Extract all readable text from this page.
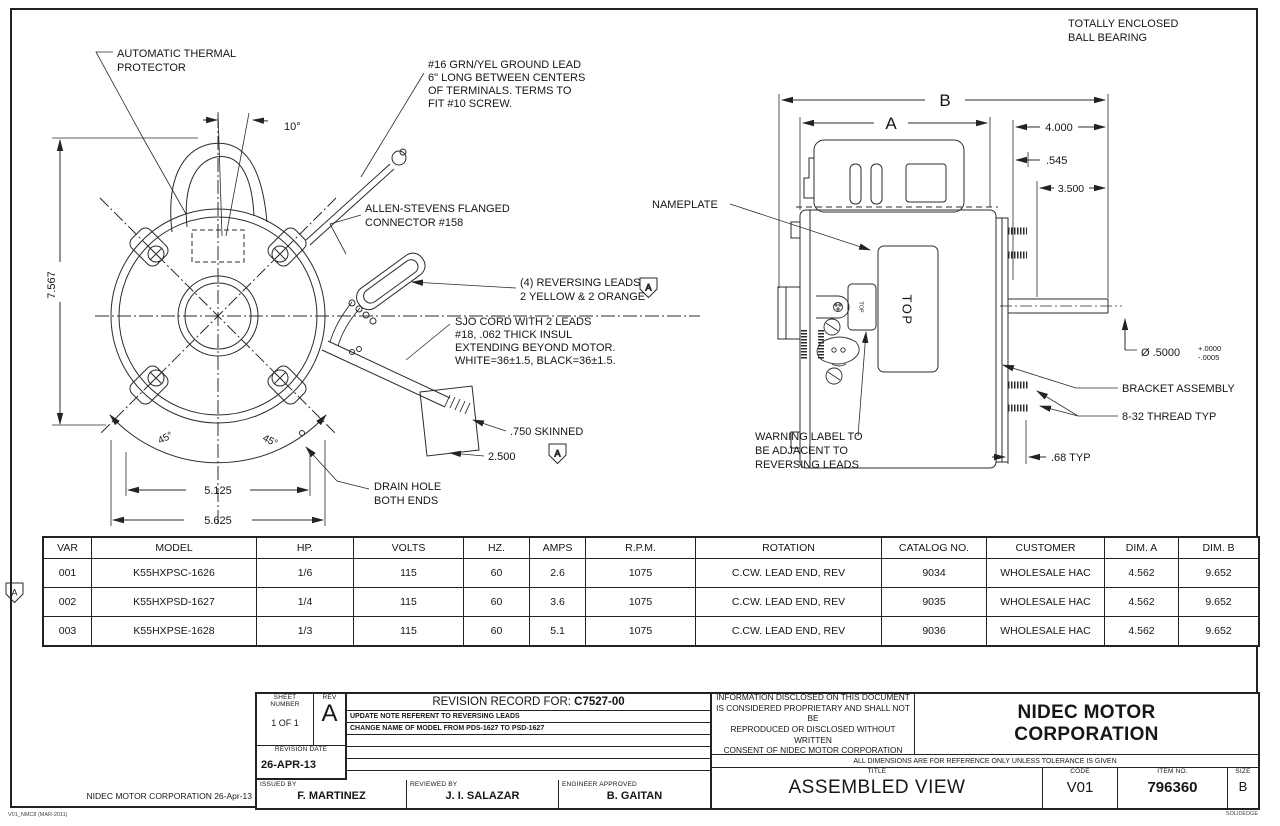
A
AUTOMATIC THERMAL
PROTECTOR
10°
#16 GRN/YEL GROUND LEAD
6" LONG BETWEEN CENTERS
OF TERMINALS. TERMS TO
FIT #10 SCREW.
ALLEN-STEVENS FLANGED
CONNECTOR #158
(4) REVERSING LEADS
2 YELLOW & 2 ORANGE
SJO CORD WITH 2 LEADS
#18, .062 THICK INSUL
EXTENDING BEYOND MOTOR.
WHITE=36±1.5, BLACK=36±1.5.
.750 SKINNED
2.500
DRAIN HOLE
BOTH ENDS
7.567
45°	45°
5.125
5.625
TOTALLY ENCLOSED
BALL BEARING
B
A	4.000
.545
3.500
NAMEPLATE
TOP
TOP
Ø .5000 +.0000
-.0005
BRACKET ASSEMBLY
8-32 THREAD TYP
.68 TYP
WARNING LABEL TO
BE ADJACENT TO
REVERSING LEADS
A
VAR	MODEL	HP.	VOLTS	HZ.	AMPS	R.P.M.	ROTATION	CATALOG NO.	CUSTOMER	DIM. A	DIM. B
001	K55HXPSC-1626	1/6	115	60	2.6	1075	C.CW. LEAD END, REV	9034	WHOLESALE HAC	4.562	9.652
002	K55HXPSD-1627	1/4	115	60	3.6	1075	C.CW. LEAD END, REV	9035	WHOLESALE HAC	4.562	9.652
003	K55HXPSE-1628	1/3	115	60	5.1	1075	C.CW. LEAD END, REV	9036	WHOLESALE HAC	4.562	9.652
SHEET
NUMBER
1 OF 1
REV
A	REVISION RECORD FOR: C7527-00
UPDATE NOTE REFERENT TO REVERSING LEADS
CHANGE NAME OF MODEL FROM PDS-1627 TO PSD-1627
REVISION DATE
26-APR-13
ISSUED BY
F. MARTINEZ
REVIEWED BY
J. I. SALAZAR
ENGINEER APPROVED
B. GAITAN
INFORMATION DISCLOSED ON THIS DOCUMENT
IS CONSIDERED PROPRIETARY AND SHALL NOT BE
REPRODUCED OR DISCLOSED WITHOUT WRITTEN
CONSENT OF NIDEC MOTOR CORPORATION
NIDEC MOTOR
CORPORATION
ALL DIMENSIONS ARE FOR REFERENCE ONLY UNLESS TOLERANCE IS GIVEN
TITLE
ASSEMBLED VIEW
CODE
V01
ITEM NO.
796360
SIZE
B
NIDEC MOTOR CORPORATION 26-Apr-13
V01_NMC8 (MAR-2011)	SOLIDEDGE
